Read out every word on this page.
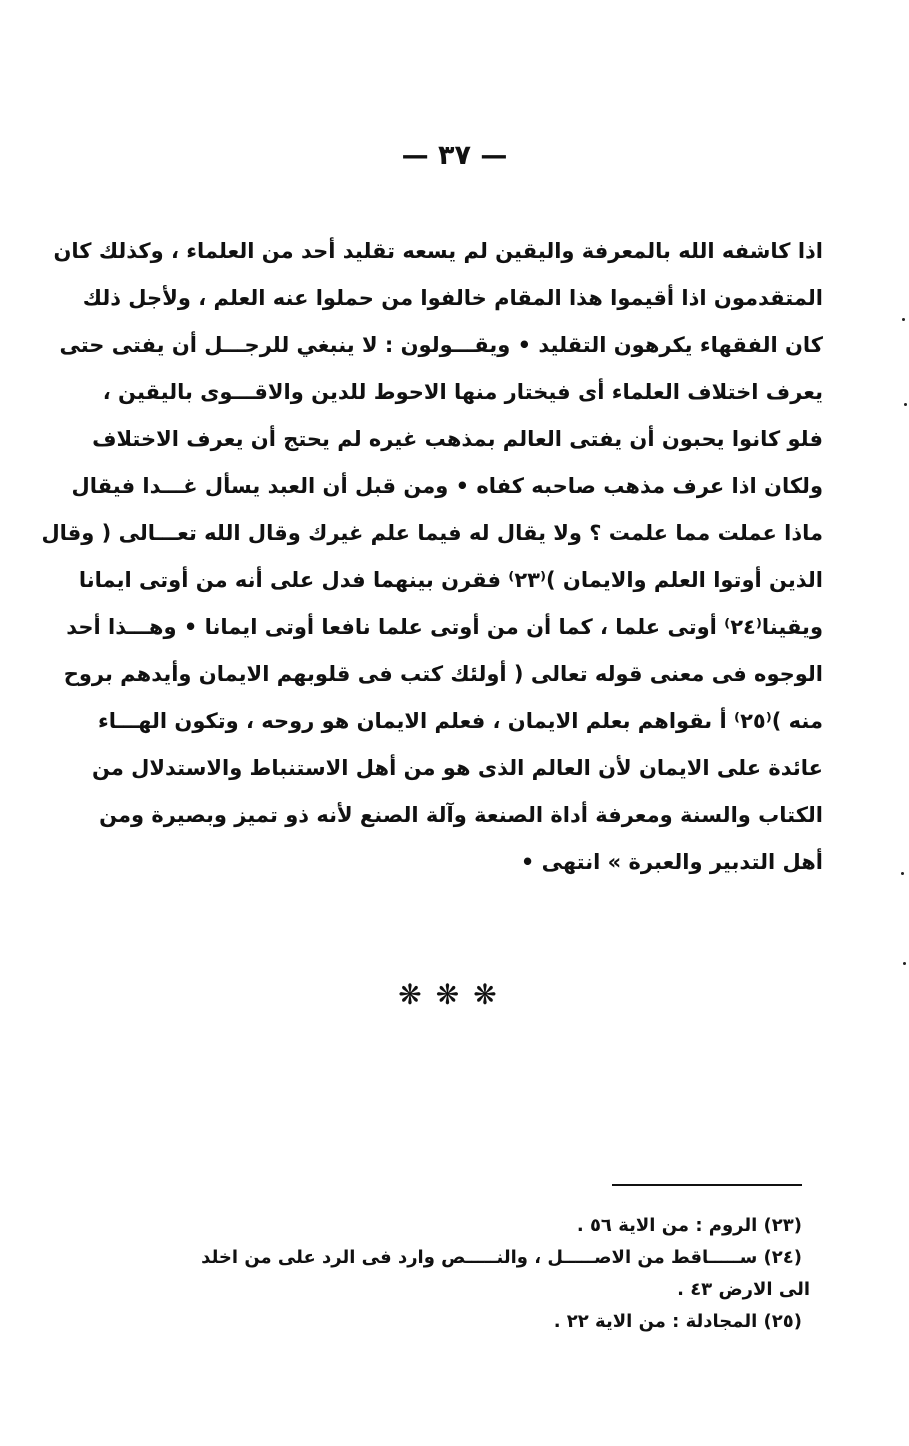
— ٣٧ —
اذا كاشفه الله بالمعرفة واليقين لم يسعه تقليد أحد من العلماء ، وكذلك كان
المتقدمون اذا أقيموا هذا المقام خالفوا من حملوا عنه العلم ، ولأجل ذلك
كان الفقهاء يكرهون التقليد • ويقـــولون : لا ينبغي للرجـــل أن يفتى حتى
يعرف اختلاف العلماء أى فيختار منها الاحوط للدين والاقـــوى باليقين ،
فلو كانوا يحبون أن يفتى العالم بمذهب غيره لم يحتج أن يعرف الاختلاف
ولكان اذا عرف مذهب صاحبه كفاه • ومن قبل أن العبد يسأل غـــدا فيقال
ماذا عملت مما علمت ؟ ولا يقال له فيما علم غيرك وقال الله تعـــالى ( وقال
الذين أوتوا العلم والايمان )⁽٢٣⁾ فقرن بينهما فدل على أنه من أوتى ايمانا
ويقينا⁽٢٤⁾ أوتى علما ، كما أن من أوتى علما نافعا أوتى ايمانا • وهـــذا أحد
الوجوه فى معنى قوله تعالى ( أولئك كتب فى قلوبهم الايمان وأيدهم بروح
منه )⁽٢٥⁾ أ ىقواهم بعلم الايمان ، فعلم الايمان هو روحه ، وتكون الهـــاء
عائدة على الايمان لأن العالم الذى هو من أهل الاستنباط والاستدلال من
الكتاب والسنة ومعرفة أداة الصنعة وآلة الصنع لأنه ذو تميز وبصيرة ومن
أهل التدبير والعبرة » انتهى •
❋❋❋
(٢٣) الروم : من الاية ٥٦ .
(٢٤) ســـــاقط من الاصـــــل ، والنـــــص وارد فى الرد على من اخلد
الى الارض ٤٣ .
(٢٥) المجادلة : من الاية ٢٢ .
